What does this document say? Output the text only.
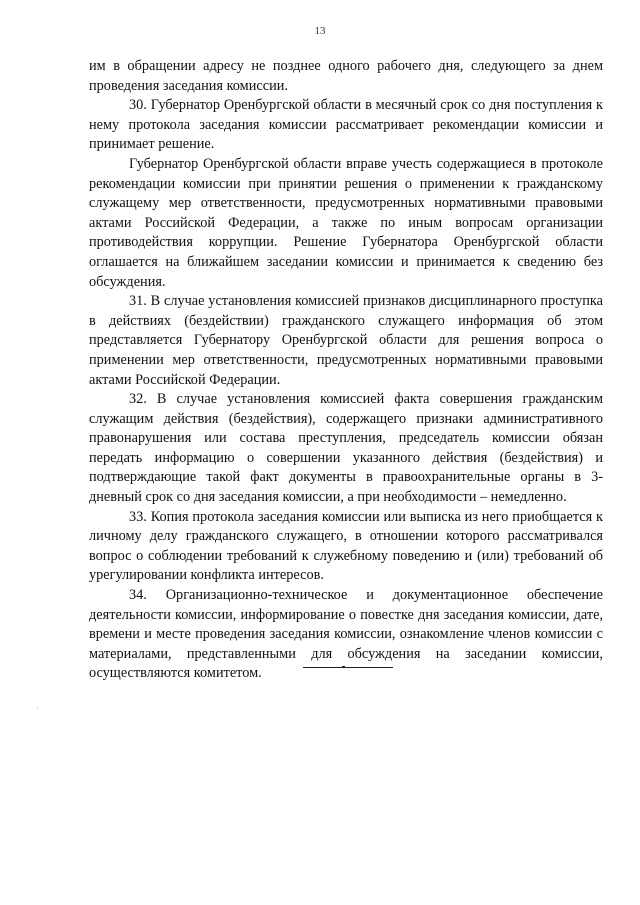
13

им в обращении адресу не позднее одного рабочего дня, следующего за днем проведения заседания комиссии.

30. Губернатор Оренбургской области в месячный срок со дня поступления к нему протокола заседания комиссии рассматривает рекомендации комиссии и принимает решение.

Губернатор Оренбургской области вправе учесть содержащиеся в протоколе рекомендации комиссии при принятии решения о применении к гражданскому служащему мер ответственности, предусмотренных нормативными правовыми актами Российской Федерации, а также по иным вопросам организации противодействия коррупции. Решение Губернатора Оренбургской области оглашается на ближайшем заседании комиссии и принимается к сведению без обсуждения.

31. В случае установления комиссией признаков дисциплинарного проступка в действиях (бездействии) гражданского служащего информация об этом представляется Губернатору Оренбургской области для решения вопроса о применении мер ответственности, предусмотренных нормативными правовыми актами Российской Федерации.

32. В случае установления комиссией факта совершения гражданским служащим действия (бездействия), содержащего признаки административного правонарушения или состава преступления, председатель комиссии обязан передать информацию о совершении указанного действия (бездействия) и подтверждающие такой факт документы в правоохранительные органы в 3-дневный срок со дня заседания комиссии, а при необходимости – немедленно.

33. Копия протокола заседания комиссии или выписка из него приобщается к личному делу гражданского служащего, в отношении которого рассматривался вопрос о соблюдении требований к служебному поведению и (или) требований об урегулировании конфликта интересов.

34. Организационно-техническое и документационное обеспечение деятельности комиссии, информирование о повестке дня заседания комиссии, дате, времени и месте проведения заседания комиссии, ознакомление членов комиссии с материалами, представленными для обсуждения на заседании комиссии, осуществляются комитетом.
